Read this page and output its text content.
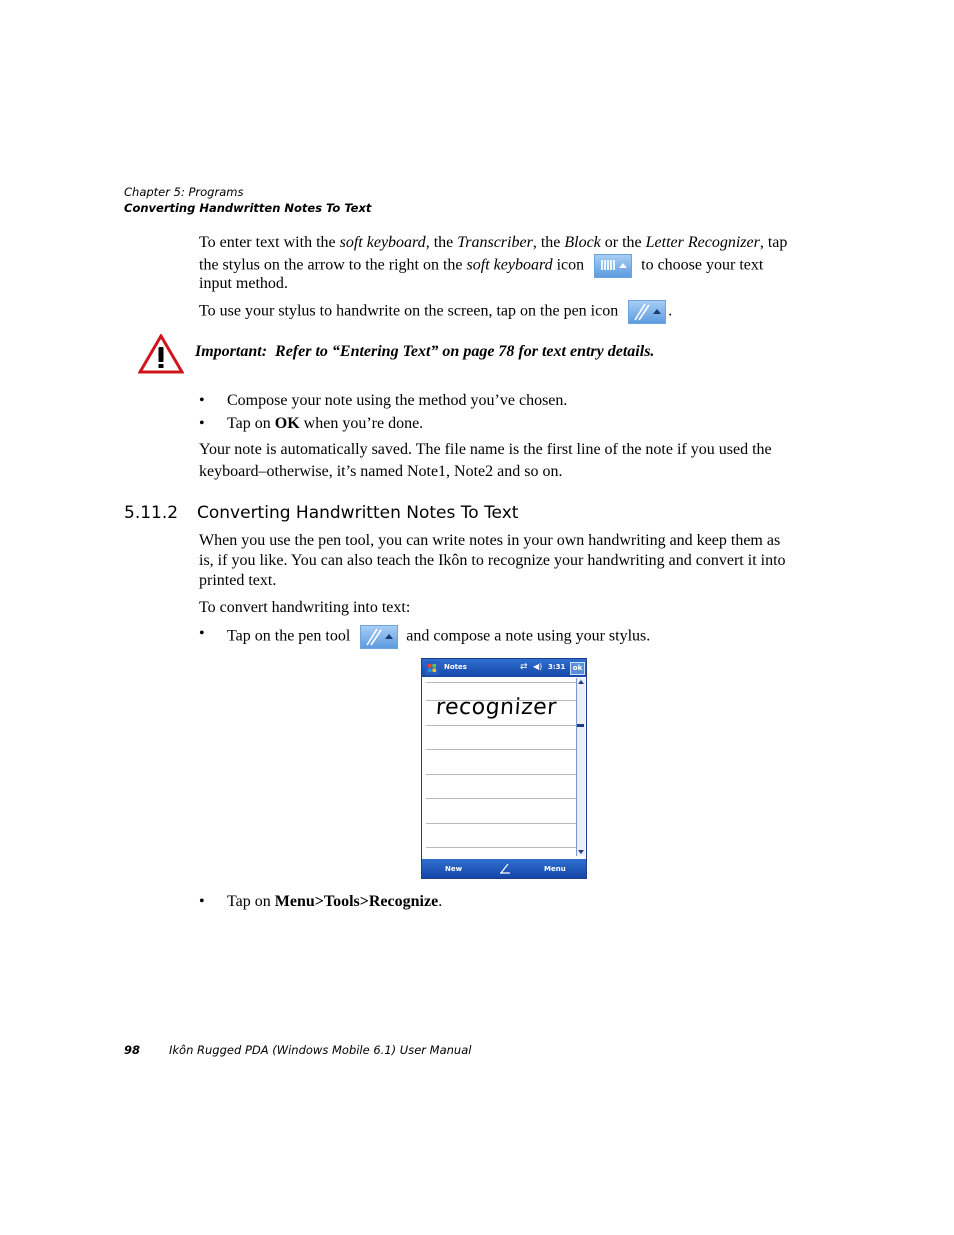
Chapter 5: Programs
Converting Handwritten Notes To Text
To enter text with the soft keyboard, the Transcriber, the Block or the Letter Recognizer, tap
the stylus on the arrow to the right on the soft keyboard icon	to choose your text
input method.
To use your stylus to handwrite on the screen, tap on the pen icon	.
Important: Refer to “Entering Text” on page 78 for text entry details.
• Compose your note using the method you’ve chosen.
• Tap on OK when you’re done.
Your note is automatically saved. The file name is the first line of the note if you used the
keyboard–otherwise, it’s named Note1, Note2 and so on.
5.11.2 Converting Handwritten Notes To Text
When you use the pen tool, you can write notes in your own handwriting and keep them as
is, if you like. You can also teach the Ikôn to recognize your handwriting and convert it into
printed text.
To convert handwriting into text:
• Tap on the pen tool	and compose a note using your stylus.
Notes	⇄ ◀) 3:31	ok
recognizer
New	Menu
• Tap on Menu>Tools>Recognize.
98	Ikôn Rugged PDA (Windows Mobile 6.1) User Manual
